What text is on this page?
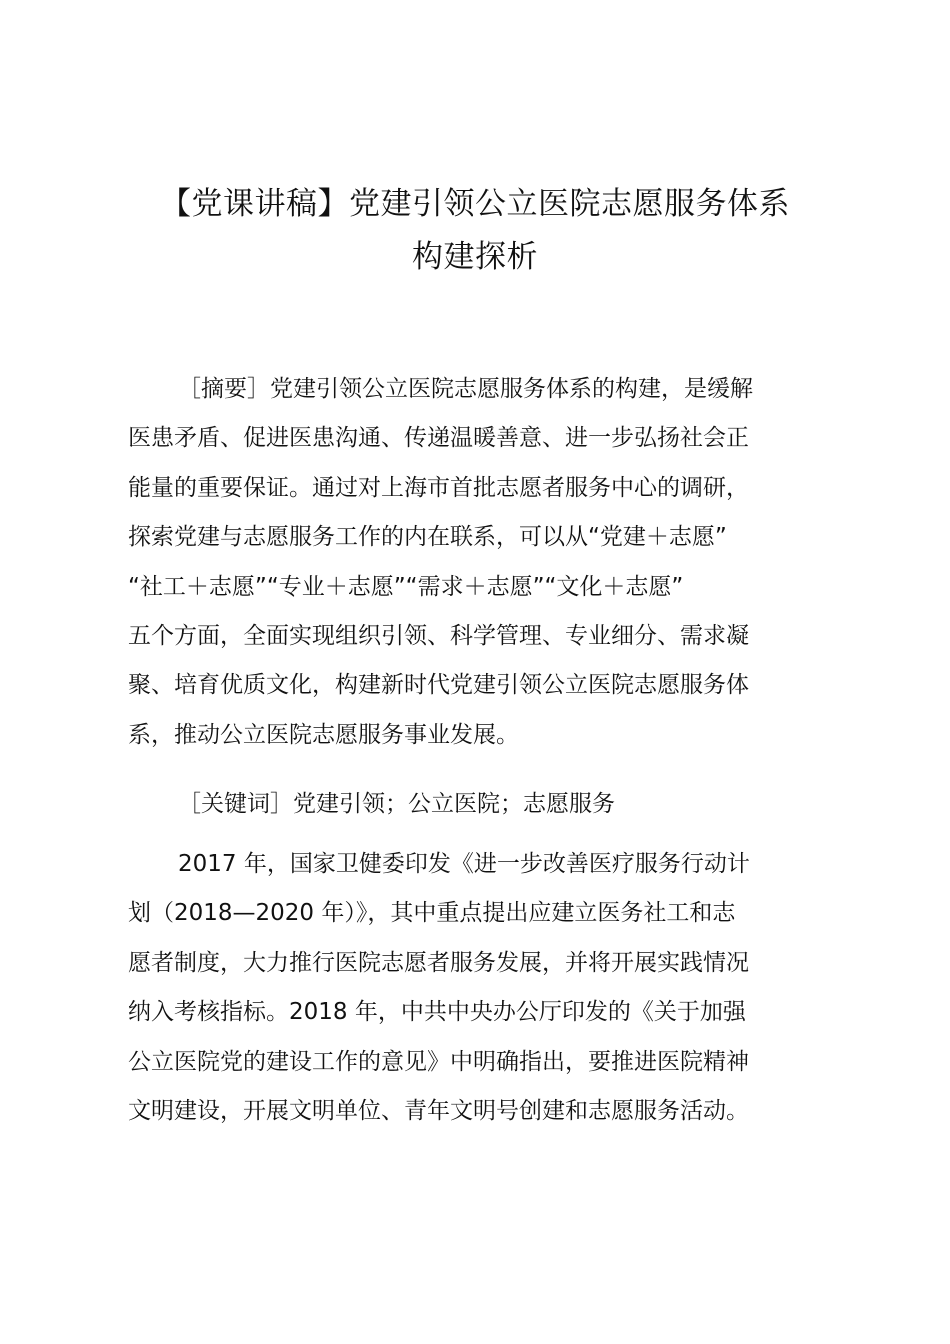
【党课讲稿】党建引领公立医院志愿服务体系
构建探析
［摘要］党建引领公立医院志愿服务体系的构建，是缓解
医患矛盾、促进医患沟通、传递温暖善意、进一步弘扬社会正
能量的重要保证。通过对上海市首批志愿者服务中心的调研，
探索党建与志愿服务工作的内在联系，可以从“党建＋志愿”
“社工＋志愿”“专业＋志愿”“需求＋志愿”“文化＋志愿”
五个方面，全面实现组织引领、科学管理、专业细分、需求凝
聚、培育优质文化，构建新时代党建引领公立医院志愿服务体
系，推动公立医院志愿服务事业发展。
［关键词］党建引领；公立医院；志愿服务
2017 年，国家卫健委印发《进一步改善医疗服务行动计
划（2018—2020 年）》，其中重点提出应建立医务社工和志
愿者制度，大力推行医院志愿者服务发展，并将开展实践情况
纳入考核指标。2018 年，中共中央办公厅印发的《关于加强
公立医院党的建设工作的意见》中明确指出，要推进医院精神
文明建设，开展文明单位、青年文明号创建和志愿服务活动。
